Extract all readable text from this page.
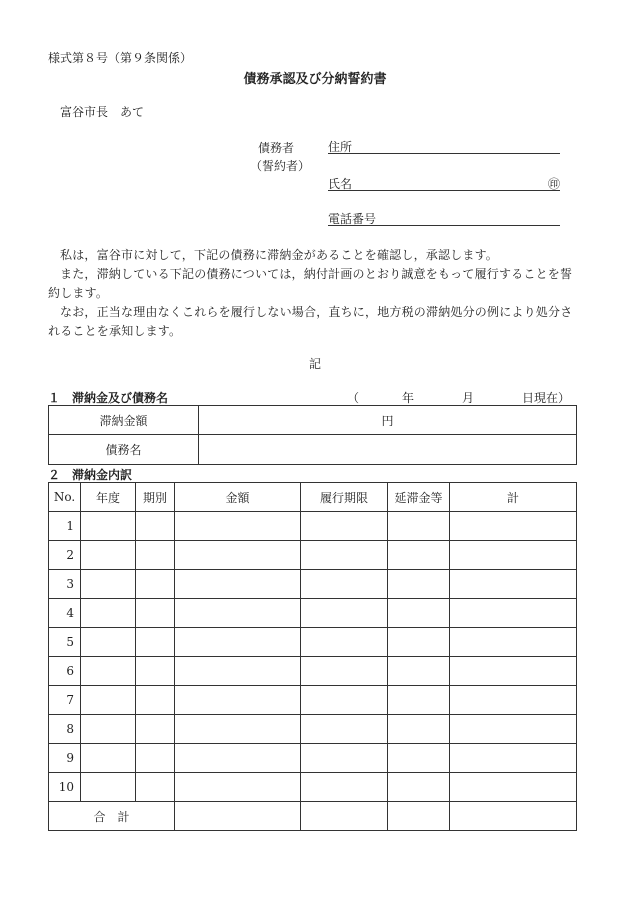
様式第８号（第９条関係）
債務承認及び分納誓約書
富谷市長　あて
債務者
（誓約者）
住所
氏名	㊞
電話番号

私は，富谷市に対して，下記の債務に滞納金があることを確認し，承認します。

また，滞納している下記の債務については，納付計画のとおり誠意をもって履行することを誓約します。

なお，正当な理由なくこれらを履行しない場合，直ちに，地方税の滞納処分の例により処分されることを承知します。

記
１　滞納金及び債務名	（	年	月	日現在）
滞納金額	円
債務名	
２　滞納金内訳
No.	年度	期別	金額	履行期限	延滞金等	計
1						
2						
3						
4						
5						
6						
7						
8						
9						
10						
合　計						
